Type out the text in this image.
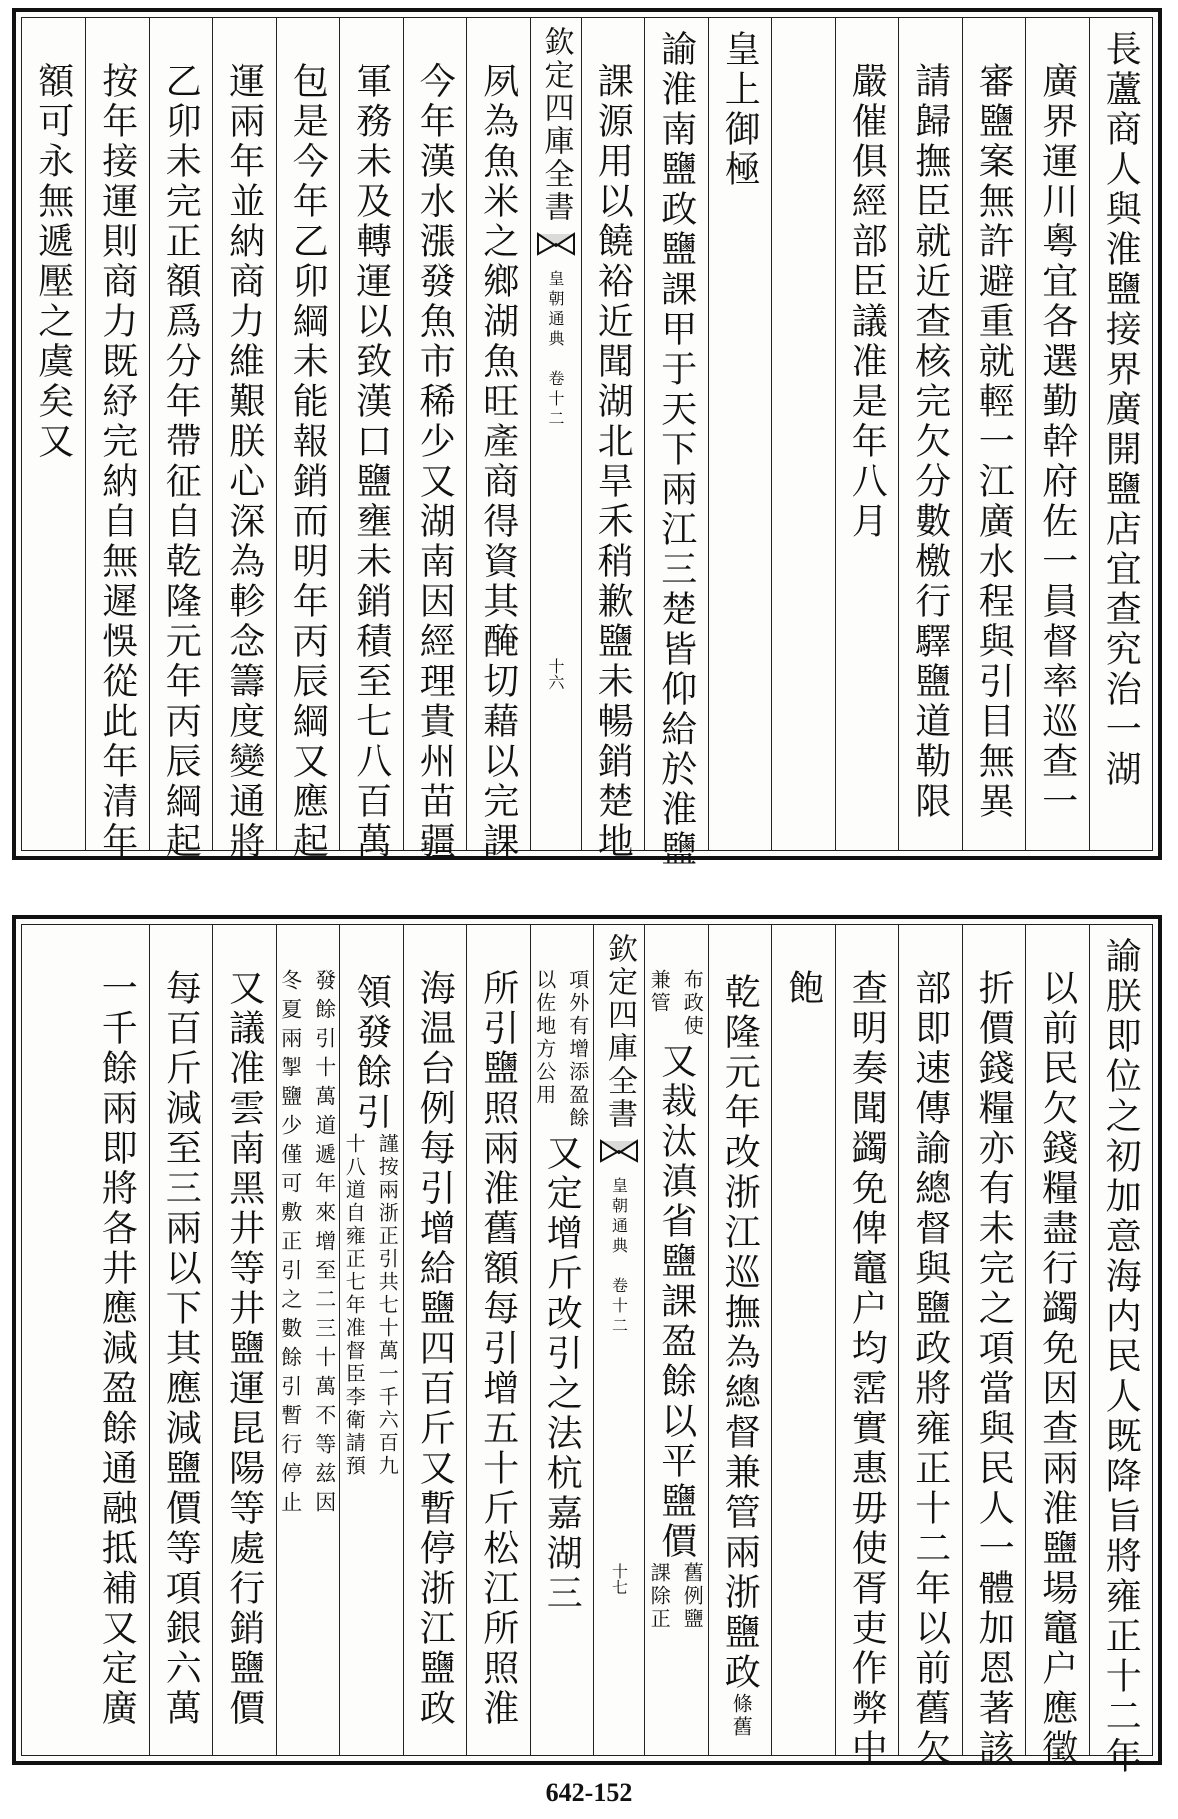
長蘆商人與淮鹽接界廣開鹽店宜查究治一湖
廣界運川粵宜各選勤幹府佐一員督率巡查一
審鹽案無許避重就輕一江廣水程與引目無異
請歸撫臣就近查核完欠分數檄行驛鹽道勒限
嚴催俱經部臣議准是年八月
皇上御極
諭淮南鹽政鹽課甲于天下兩江三楚皆仰給於淮鹽
課源用以饒裕近聞湖北旱禾稍歉鹽未暢銷楚地
欽定四庫全書
皇朝通典　卷十二
十六
夙為魚米之鄉湖魚旺產商得資其醃切藉以完課
今年漢水漲發魚市稀少又湖南因經理貴州苗疆
軍務未及轉運以致漢口鹽壅未銷積至七八百萬
包是今年乙卯綱未能報銷而明年丙辰綱又應起
運兩年並納商力維艱朕心深為軫念籌度變通將
乙卯未完正額爲分年帶征自乾隆元年丙辰綱起
按年接運則商力既紓完納自無遲悞從此年清年
額可永無遞壓之虞矣又
諭朕即位之初加意海内民人既降旨將雍正十二年
以前民欠錢糧盡行蠲免因查兩淮鹽場竈户應徵
折價錢糧亦有未完之項當與民人一體加恩著該
部即速傳諭總督與鹽政將雍正十二年以前舊欠
查明奏聞蠲免俾竈户均霑實惠毋使胥吏作弊中
飽
乾隆元年改浙江巡撫為總督兼管兩浙鹽政
條舊
布政使
兼管
又裁汰滇省鹽課盈餘以平鹽價
舊例鹽
課除正
欽定四庫全書
皇朝通典　卷十二
十七
項外有增添盈餘
以佐地方公用
又定增斤改引之法杭嘉湖三
所引鹽照兩淮舊額每引增五十斤松江所照淮
海温台例每引增給鹽四百斤又暫停浙江鹽政
領發餘引
謹按兩浙正引共七十萬一千六百九
十八道自雍正七年准督臣李衛請預
發餘引十萬道遞年來增至二三十萬不等兹因
冬夏兩掣鹽少僅可敷正引之數餘引暫行停止
又議准雲南黑井等井鹽運昆陽等處行銷鹽價
每百斤減至三兩以下其應減鹽價等項銀六萬
一千餘兩即將各井應減盈餘通融抵補又定廣
642-152
